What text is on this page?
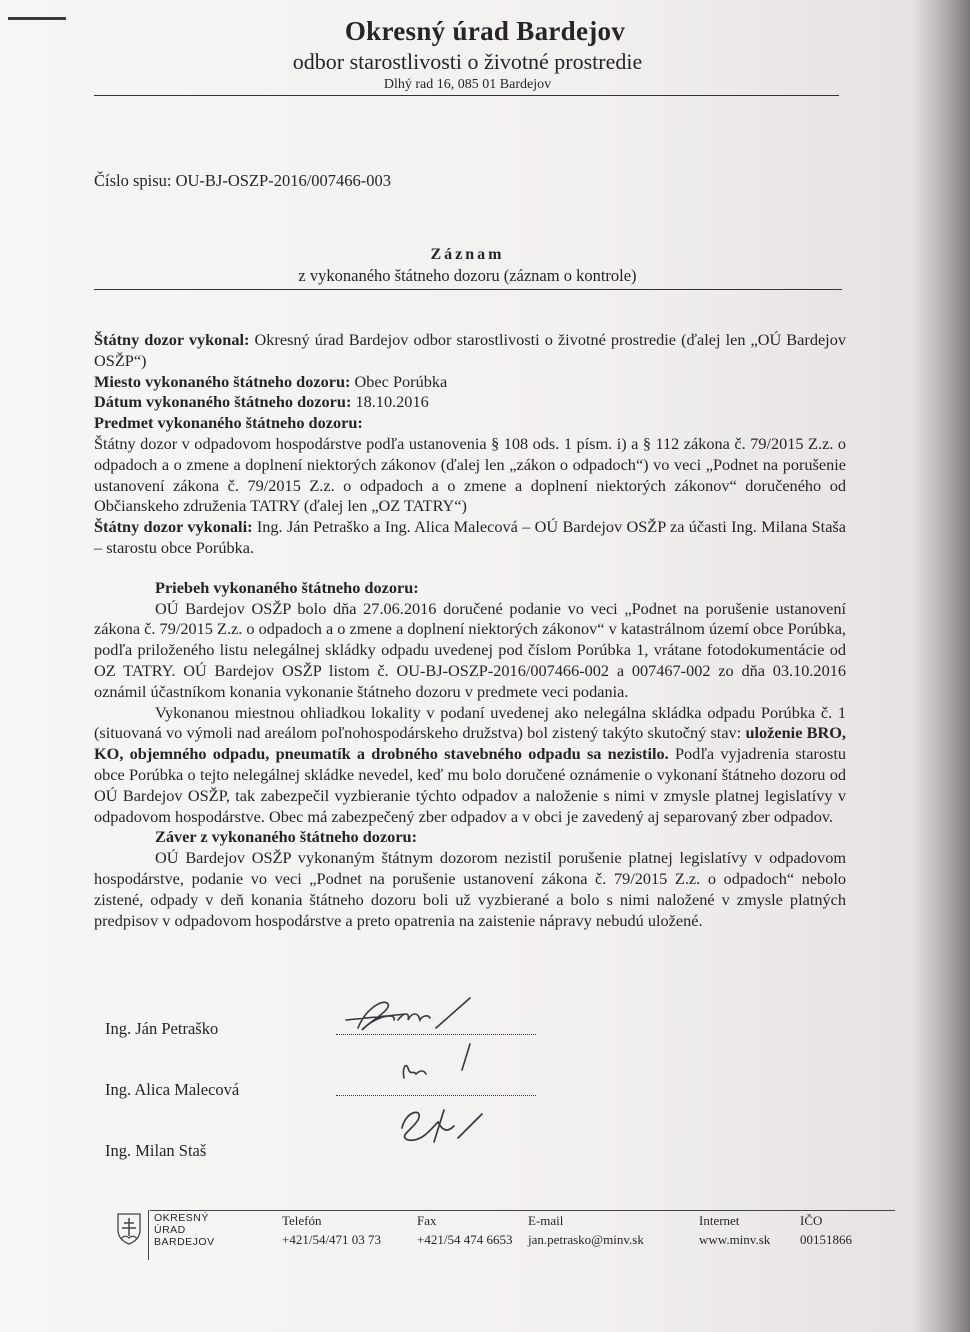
Okresný úrad Bardejov
odbor starostlivosti o životné prostredie
Dlhý rad 16, 085 01 Bardejov
Číslo spisu: OU-BJ-OSZP-2016/007466-003
Záznam
z vykonaného štátneho dozoru (záznam o kontrole)

Štátny dozor vykonal: Okresný úrad Bardejov odbor starostlivosti o životné prostredie (ďalej len „OÚ Bardejov OSŽP“)

Miesto vykonaného štátneho dozoru: Obec Porúbka

Dátum vykonaného štátneho dozoru: 18.10.2016

Predmet vykonaného štátneho dozoru:

Štátny dozor v odpadovom hospodárstve podľa ustanovenia § 108 ods. 1 písm. i) a § 112 zákona č. 79/2015 Z.z. o odpadoch a o zmene a doplnení niektorých zákonov (ďalej len „zákon o odpadoch“) vo veci „Podnet na porušenie ustanovení zákona č. 79/2015 Z.z. o odpadoch a o zmene a doplnení niektorých zákonov“ doručeného od Občianskeho združenia TATRY (ďalej len „OZ TATRY“)

Štátny dozor vykonali: Ing. Ján Petraško a Ing. Alica Malecová – OÚ Bardejov OSŽP za účasti Ing. Milana Staša – starostu obce Porúbka.

Priebeh vykonaného štátneho dozoru:

OÚ Bardejov OSŽP bolo dňa 27.06.2016 doručené podanie vo veci „Podnet na porušenie ustanovení zákona č. 79/2015 Z.z. o odpadoch a o zmene a doplnení niektorých zákonov“ v katastrálnom území obce Porúbka, podľa priloženého listu nelegálnej skládky odpadu uvedenej pod číslom Porúbka 1, vrátane fotodokumentácie od OZ TATRY. OÚ Bardejov OSŽP listom č. OU-BJ-OSZP-2016/007466-002 a 007467-002 zo dňa 03.10.2016 oznámil účastníkom konania vykonanie štátneho dozoru v predmete veci podania.

Vykonanou miestnou ohliadkou lokality v podaní uvedenej ako nelegálna skládka odpadu Porúbka č. 1 (situovaná vo výmoli nad areálom poľnohospodárskeho družstva) bol zistený takýto skutočný stav: uloženie BRO, KO, objemného odpadu, pneumatík a drobného stavebného odpadu sa nezistilo. Podľa vyjadrenia starostu obce Porúbka o tejto nelegálnej skládke nevedel, keď mu bolo doručené oznámenie o vykonaní štátneho dozoru od OÚ Bardejov OSŽP, tak zabezpečil vyzbieranie týchto odpadov a naloženie s nimi v zmysle platnej legislatívy v odpadovom hospodárstve. Obec má zabezpečený zber odpadov a v obci je zavedený aj separovaný zber odpadov.

Záver z vykonaného štátneho dozoru:

OÚ Bardejov OSŽP vykonaným štátnym dozorom nezistil porušenie platnej legislatívy v odpadovom hospodárstve, podanie vo veci „Podnet na porušenie ustanovení zákona č. 79/2015 Z.z. o odpadoch“ nebolo zistené, odpady v deň konania štátneho dozoru boli už vyzbierané a bolo s nimi naložené v zmysle platných predpisov v odpadovom hospodárstve a preto opatrenia na zaistenie nápravy nebudú uložené.

Ing. Ján Petraško
Ing. Alica Malecová
Ing. Milan Staš
OKRESNÝ
ÚRAD
BARDEJOV
Telefón
+421/54/471 03 73
Fax
+421/54 474 6653
E-mail
jan.petrasko@minv.sk
Internet
www.minv.sk
IČO
00151866
